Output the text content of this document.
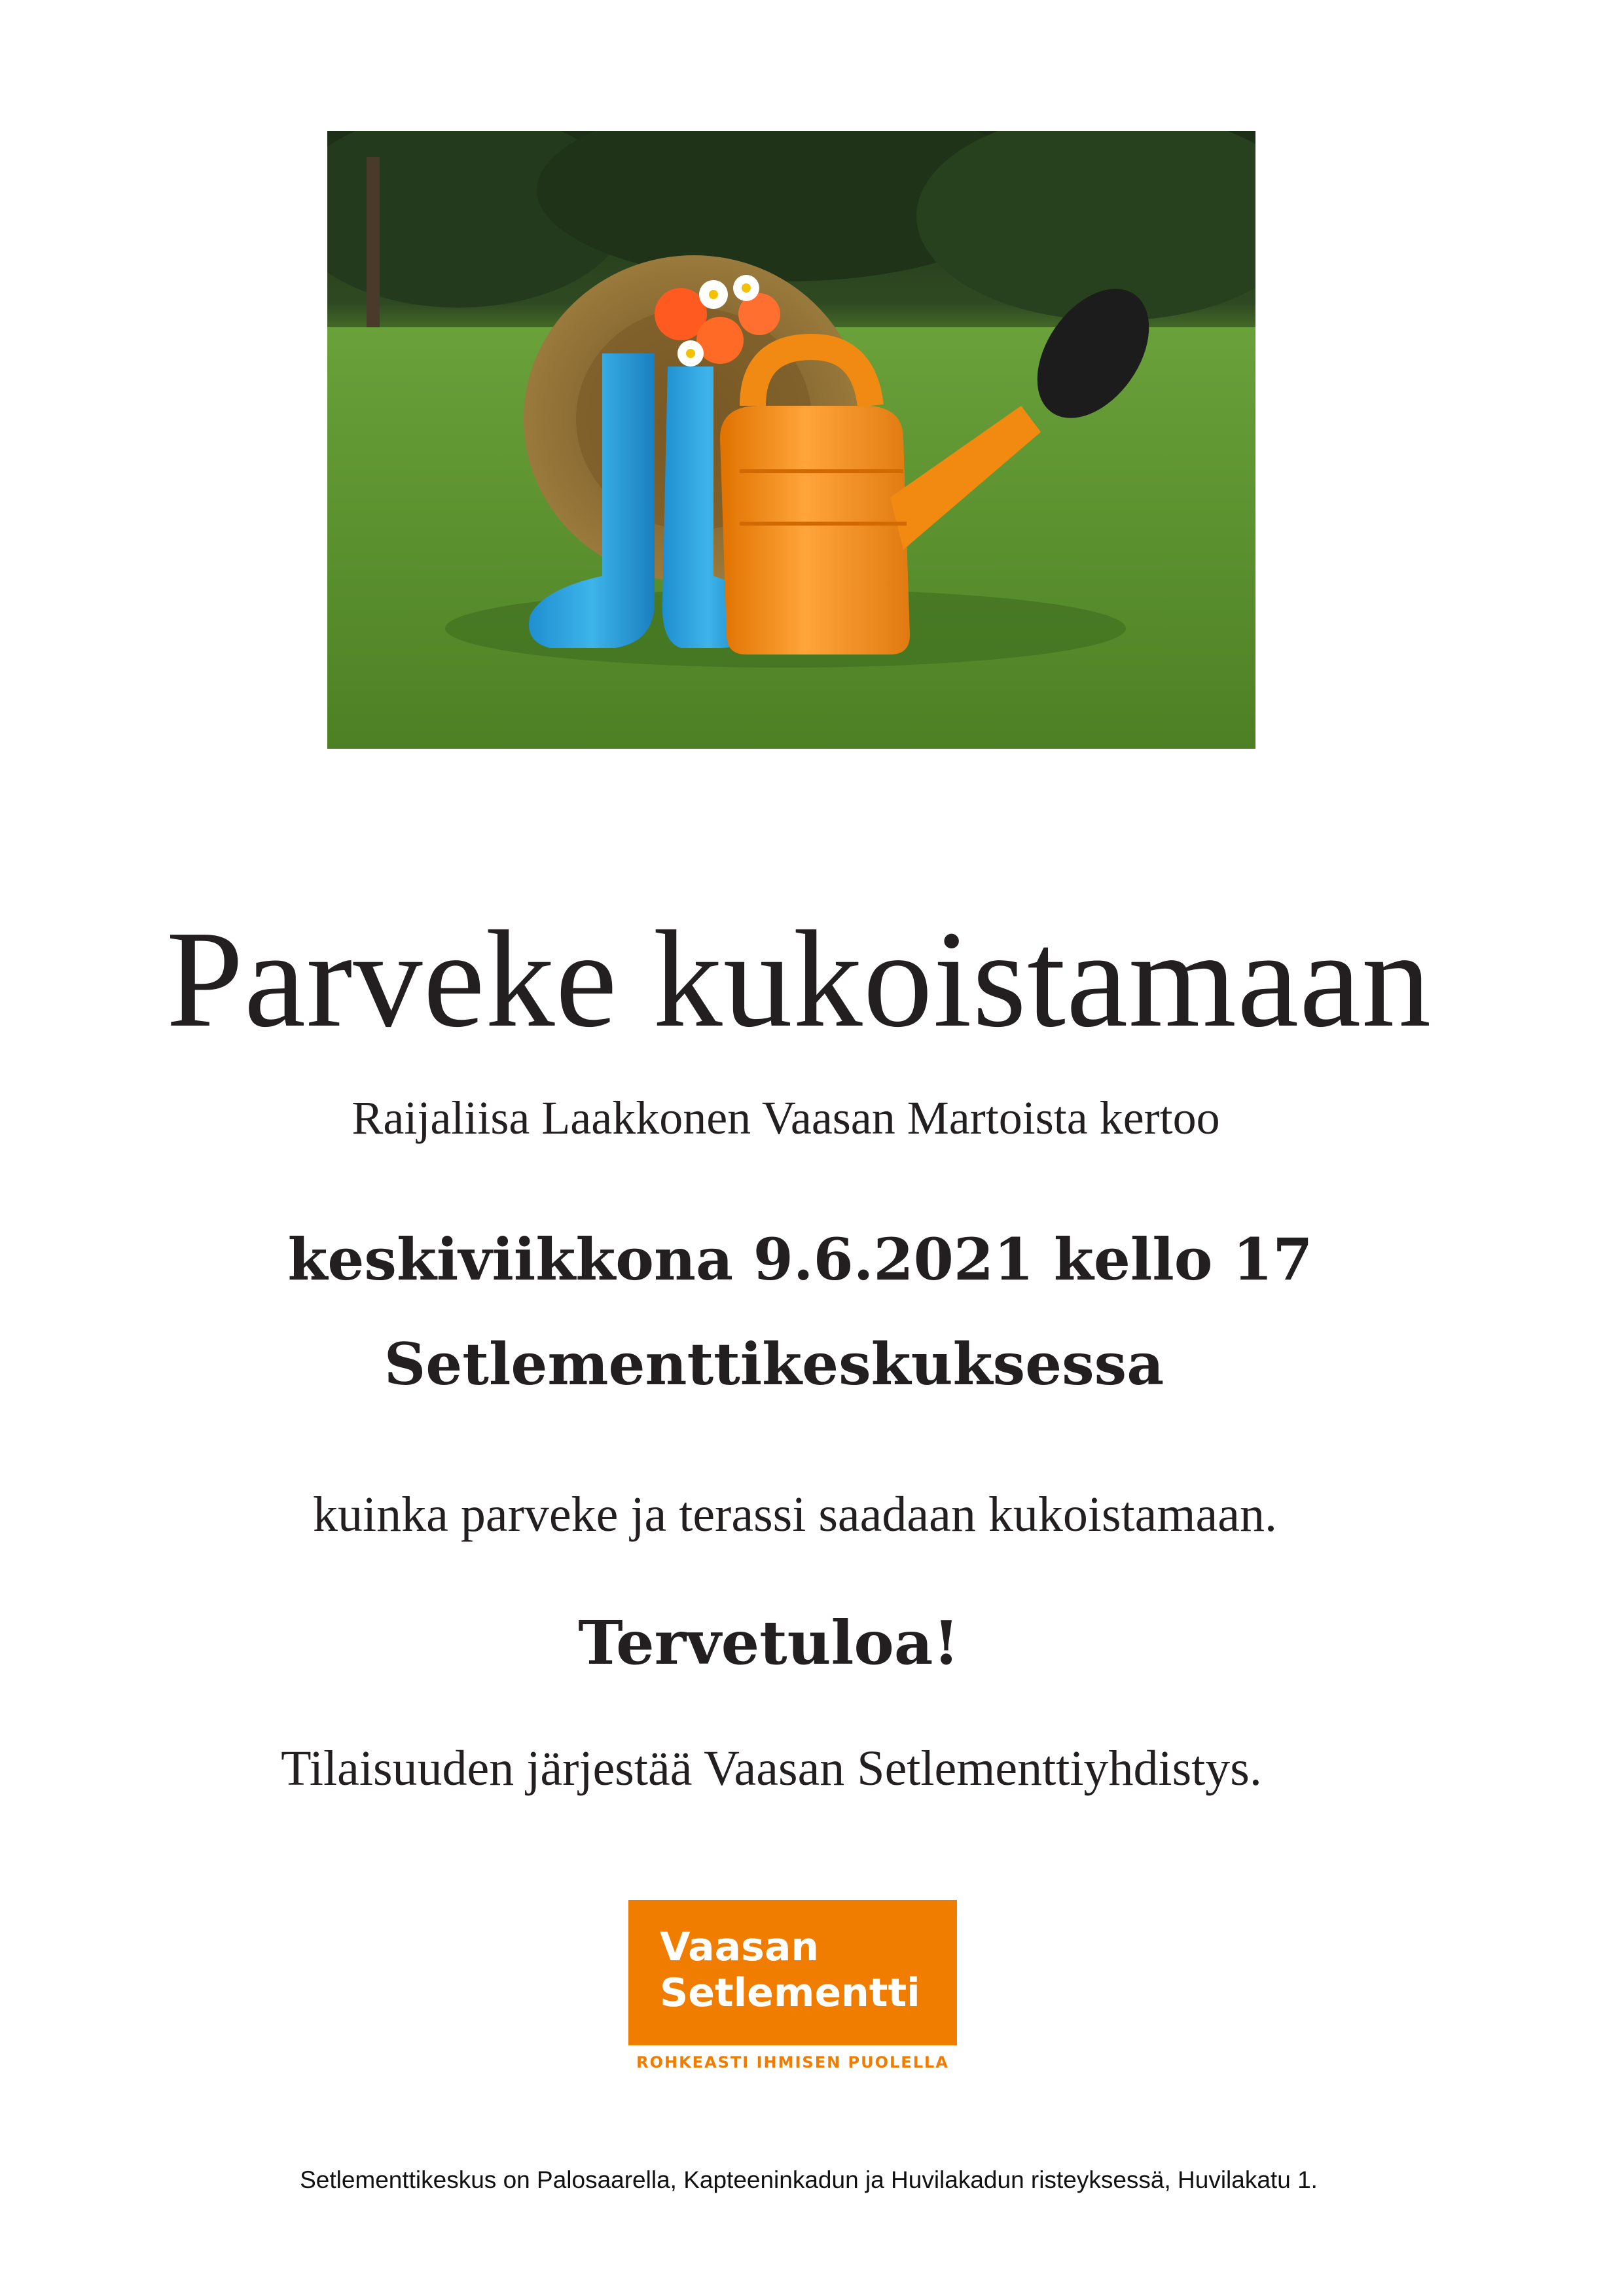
Parveke kukoistamaan
Raijaliisa Laakkonen Vaasan Martoista kertoo
keskiviikkona 9.6.2021 kello 17
Setlementtikeskuksessa
kuinka parveke ja terassi saadaan kukoistamaan.
Tervetuloa!
Tilaisuuden järjestää Vaasan Setlementtiyhdistys.
Vaasan
Setlementti
ROHKEASTI IHMISEN PUOLELLA
Setlementtikeskus on Palosaarella, Kapteeninkadun ja Huvilakadun risteyksessä, Huvilakatu 1.
